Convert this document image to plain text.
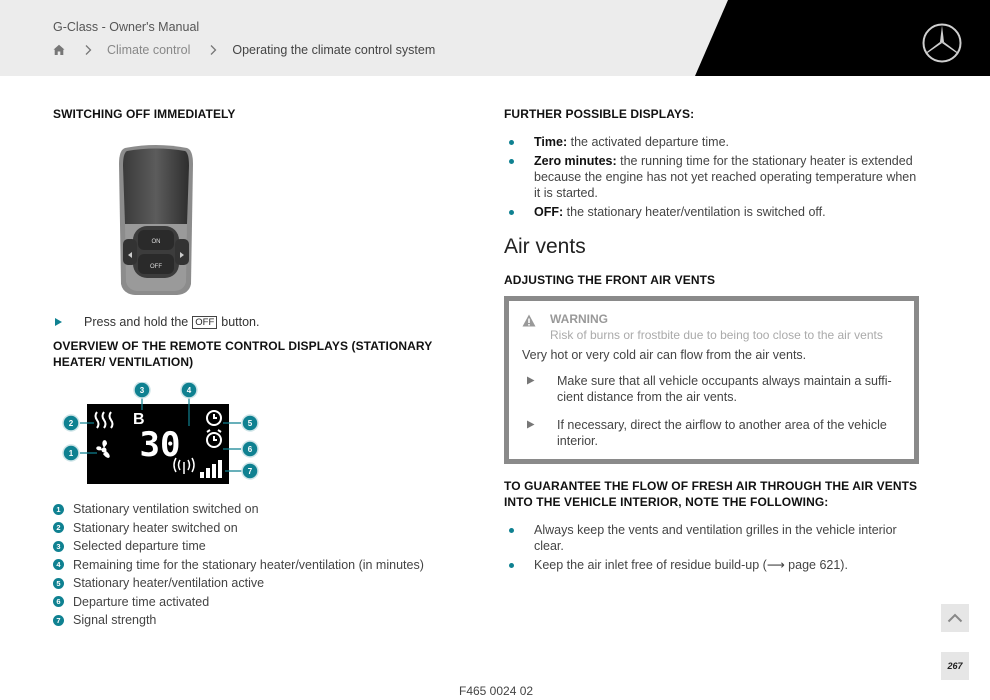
G-Class - Owner's Manual
Climate control	Operating the climate control system
SWITCHING OFF IMMEDIATELY
ON
OFF
Press and hold the OFF button.
OVERVIEW OF THE REMOTE CONTROL DISPLAYS (STATIONARY HEATER/ VENTILATION)
B
30
1
2
3	4
5
6
7
1 Stationary ventilation switched on
2 Stationary heater switched on
3 Selected departure time
4 Remaining time for the stationary heater/ventilation (in minutes)
5 Stationary heater/ventilation active
6 Departure time activated
7 Signal strength
FURTHER POSSIBLE DISPLAYS:
Time: the activated departure time.
Zero minutes: the running time for the stationary heater is extended because the engine has not yet reached operating temperature when it is started.
OFF: the stationary heater/ventilation is switched off.
Air vents
ADJUSTING THE FRONT AIR VENTS
WARNING
Risk of burns or frostbite due to being too close to the air vents
Very hot or very cold air can flow from the air vents.
Make sure that all vehicle occupants always maintain a suffi- cient distance from the air vents.
If necessary, direct the airflow to another area of the vehicle interior.
TO GUARANTEE THE FLOW OF FRESH AIR THROUGH THE AIR VENTS INTO THE VEHICLE INTERIOR, NOTE THE FOLLOWING:
Always keep the vents and ventilation grilles in the vehicle interior clear.
Keep the air inlet free of residue build-up (⟶ page 621).
267
F465 0024 02
